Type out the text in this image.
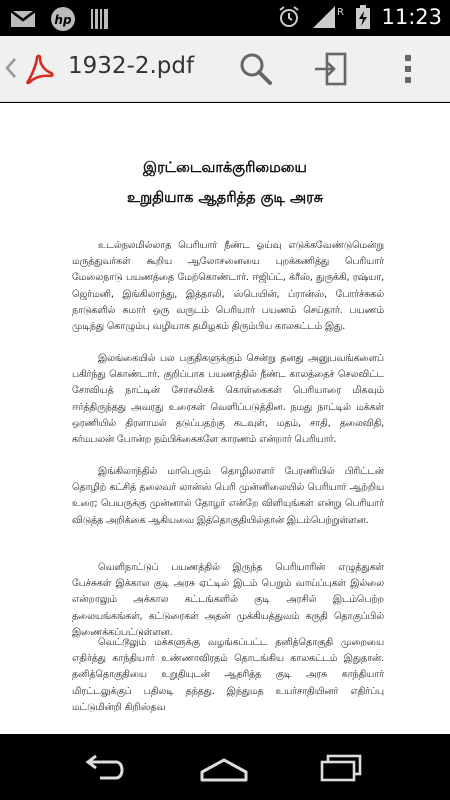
hp
R 11:23
1932-2.pdf
இரட்டைவாக்குரிமையை
உறுதியாக ஆதரித்த குடி அரசு

உடல்நலமில்லாத பெரியார் நீண்ட ஓய்வு எடுக்கவேண்டுமென்று மருத்துவர்கள் கூறிய ஆலோசனையை புறக்கணித்து பெரியார் மேலைநாடு பயணத்தை மேற்கொண்டார். ஈஜிப்ட், க்ரீஸ், துருக்கி, ரஷ்யா, ஜெர்மனி, இங்கிலாந்து, இத்தாலி, ஸ்பெயின், ப்ரான்ஸ், போர்ச்சுகல் நாடுகளில் சுமார் ஒரு வருடம் பெரியார் பயணம் செய்தார். பயணம் முடிந்து கொழும்பு வழியாக தமிழகம் திரும்பிய காலகட்டம் இது.

இலங்கையில் பல பகுதிகளுக்கும் சென்று தனது அனுபவங்களைப் பகிர்ந்து கொண்டார். குறிப்பாக பயணத்தில் நீண்ட காலத்தைச் செலவிட்ட சோவியத் நாட்டின் சோசலிசக் கொள்கைகள் பெரியாரை மிகவும் ஈர்த்திருந்தது அவரது உரைகள் வெளிப்படுத்தின. நமது நாட்டில் மக்கள் ஒரணியில் திரளாமல் தடுப்பதற்கு கடவுள், மதம், சாதி, தலைவிதி, கர்மபலன் போன்ற நம்பிக்கைகளே காரணம் என்றார் பெரியார்.

இங்கிலாந்தில் மாபெரும் தொழிலாளர் பேரணியில் பிரிட்டன் தொழிற் கட்சித் தலைவர் லான்ஸ் பெரி முன்னிலையில் பெரியார் ஆற்றிய உரை; பெயருக்கு முன்னால் தோழர் என்றே விளியுங்கள் என்று பெரியார் விடுத்த அறிக்கை ஆகியவை இத்தொகுதியில்தான் இடம்பெற்றுள்ளன.

வெளிநாட்டுப் பயணத்தில் இருந்த பெரியாரின் எழுத்துகள் பேச்சுகள் இக்கால குடி அரசு ஏட்டில் இடம் பெறும் வாய்ப்புகள் இல்லை என்றாலும் அக்கால கட்டங்களில் குடி அரசில் இடம்பெற்ற தலையங்கங்கள், கட்டுரைகள் அதன் முக்கியத்துவம் கருதி தொகுப்பில் இணைக்கப்பட்டுள்ளன.

வெட்டூலும் மக்களுக்கு வழங்கப்பட்ட தனித்தொகுதி முறையை எதிர்த்து காந்தியார் உண்ணாவிரதம் தொடங்கிய காலகட்டம் இதுதான். தனித்தொகுதியை உறுதியுடன் ஆதரித்த குடி அரசு காந்தியார் மிரட்டலுக்குப் பதிலடி தந்தது. இந்துமத உயர்சாதியினர் எதிர்ப்பு மட்டுமின்றி கிறிஸ்தவ
